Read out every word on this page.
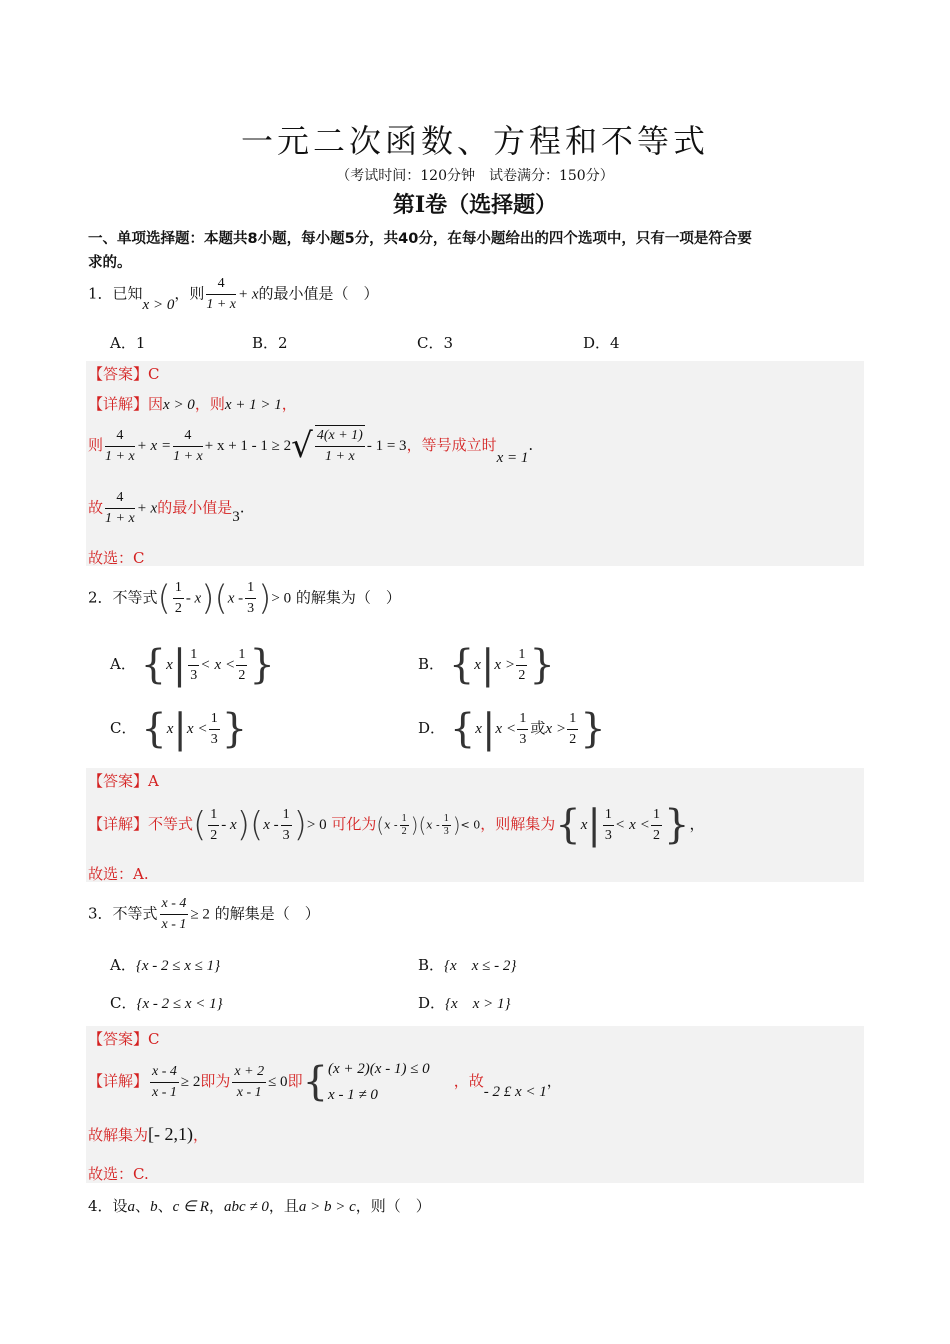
一元二次函数、方程和不等式
（考试时间：120分钟　试卷满分：150分）
第I卷（选择题）
一、单项选择题：本题共8小题，每小题5分，共40分，在每小题给出的四个选项中，只有一项是符合要
求的。
1．已知x > 0，则 $\frac{4}{1 + x} + x$的最小值是（　）
A．1	B．2	C．3	D．4
【答案】C
【详解】因x > 0，则x + 1 > 1，
则 $\frac{4}{1 + x} + x = \frac{4}{1 + x} + x + 1 - 1 \ge 2√ \frac{4(x + 1)}{1 + x} - 1 = 3$，等号成立时x = 1.
故 $\frac{4}{1 + x} + x$的最小值是3.
故选：C
2．不等式( $\frac{1}{2} - x)(x - \frac{1}{3}$ )> 0 的解集为（　）
A． {$x| \frac{1}{3} < x < \frac{1}{2}$ }	B． {$x|x > \frac{1}{2}$ }
C． {$x|x < \frac{1}{3}$ }	D． {$x|x < \frac{1}{3}$ 或$x > \frac{1}{2}$ }
【答案】A
【详解】不等式( $\frac{1}{2} - x)(x - \frac{1}{3}$ )> 0 可化为$(x - \frac{1}{2} )(x - \frac{1}{3}$ )< 0，则解集为{$x| \frac{1}{3} < x < \frac{1}{2}$ }，
故选：A.
3．不等式 $\frac{x - 4}{x - 1} \ge 2$ 的解集是（　）
A．{x - 2 ≤ x ≤ 1}	B．{x　x ≤ - 2}
C．{x - 2 ≤ x < 1}	D．{x　x > 1}
【答案】C
【详解】 $\frac{x - 4}{x - 1} \ge 2$即为 $\frac{x + 2}{x - 1} \le 0$即{ (x + 2)(x - 1) ≤ 0
x - 1 ≠ 0
，故- 2 £ x < 1，
故解集为[- 2,1)，
故选：C.
4．设a、b、c ∈ R，abc ≠ 0，且a > b > c，则（　）
